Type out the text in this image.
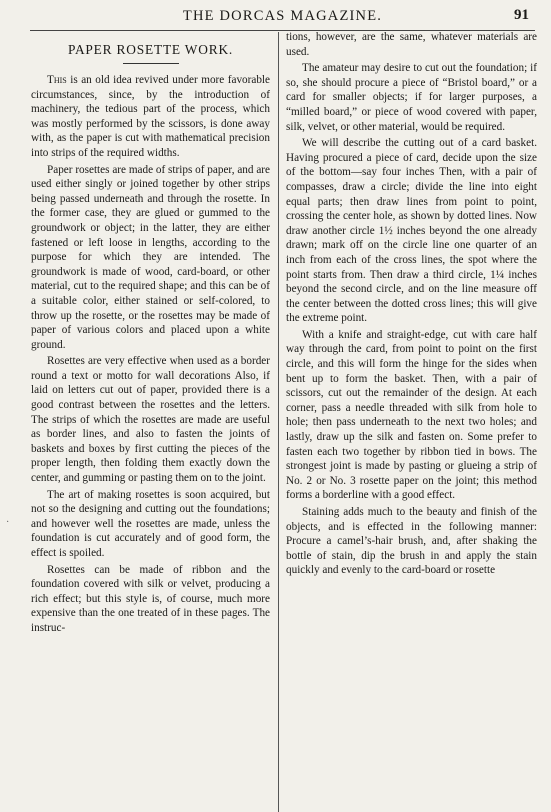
THE DORCAS MAGAZINE.	91
·
PAPER ROSETTE WORK.

This is an old idea revived under more favorable circumstances, since, by the introduction of machinery, the tedious part of the process, which was mostly performed by the scissors, is done away with, as the paper is cut with mathematical precision into strips of the required widths.

Paper rosettes are made of strips of paper, and are used either singly or joined together by other strips being passed underneath and through the rosette. In the former case, they are glued or gummed to the groundwork or object; in the latter, they are either fastened or left loose in lengths, according to the purpose for which they are intended. The groundwork is made of wood, card-board, or other material, cut to the required shape; and this can be of a suitable color, either stained or self-colored, to throw up the rosette, or the rosettes may be made of paper of various colors and placed upon a white ground.

Rosettes are very effective when used as a border round a text or motto for wall decorations Also, if laid on letters cut out of paper, provided there is a good contrast between the rosettes and the letters. The strips of which the rosettes are made are useful as border lines, and also to fasten the joints of baskets and boxes by first cutting the pieces of the proper length, then folding them exactly down the center, and gumming or pasting them on to the joint.

The art of making rosettes is soon acquired, but not so the designing and cutting out the foundations; and however well the rosettes are made, unless the foundation is cut accurately and of good form, the effect is spoiled.

Rosettes can be made of ribbon and the foundation covered with silk or velvet, producing a rich effect; but this style is, of course, much more expensive than the one treated of in these pages. The instruc-

tions, however, are the same, whatever materials are used.

The amateur may desire to cut out the foundation; if so, she should procure a piece of “Bristol board,” or a card for smaller objects; if for larger purposes, a “milled board,” or piece of wood covered with paper, silk, velvet, or other material, would be required.

We will describe the cutting out of a card basket. Having procured a piece of card, decide upon the size of the bottom—say four inches Then, with a pair of compasses, draw a circle; divide the line into eight equal parts; then draw lines from point to point, crossing the center hole, as shown by dotted lines. Now draw another circle 1½ inches beyond the one already drawn; mark off on the circle line one quarter of an inch from each of the cross lines, the spot where the point starts from. Then draw a third circle, 1¼ inches beyond the second circle, and on the line measure off the center between the dotted cross lines; this will give the extreme point.

With a knife and straight-edge, cut with care half way through the card, from point to point on the first circle, and this will form the hinge for the sides when bent up to form the basket. Then, with a pair of scissors, cut out the remainder of the design. At each corner, pass a needle threaded with silk from hole to hole; then pass underneath to the next two holes; and lastly, draw up the silk and fasten on. Some prefer to fasten each two together by ribbon tied in bows. The strongest joint is made by pasting or glueing a strip of No. 2 or No. 3 rosette paper on the joint; this method forms a borderline with a good effect.

Staining adds much to the beauty and finish of the objects, and is effected in the following manner: Procure a camel’s-hair brush, and, after shaking the bottle of stain, dip the brush in and apply the stain quickly and evenly to the card-board or rosette
